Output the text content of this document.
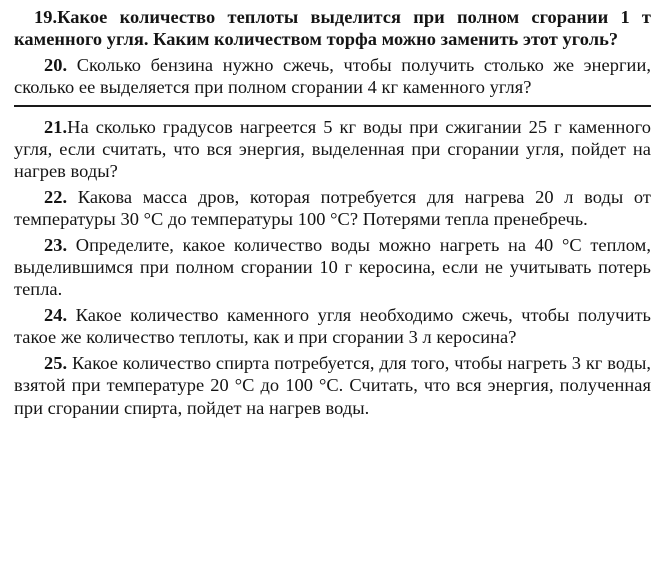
19.Какое количество теплоты выделится при полном сгорании 1 т каменного угля. Каким количеством торфа можно заменить этот уголь?

20. Сколько бензина нужно сжечь, чтобы получить столько же энергии, сколько ее выделяется при полном сгорании 4 кг каменного угля?

21.На сколько градусов нагреется 5 кг воды при сжигании 25 г каменного угля, если считать, что вся энергия, выделенная при сгорании угля, пойдет на нагрев воды?

22. Какова масса дров, которая потребуется для нагрева 20 л воды от температуры 30 °С до температуры 100 °С? Потерями тепла пренебречь.

23. Определите, какое количество воды можно нагреть на 40 °С теплом, выделившимся при полном сгорании 10 г керосина, если не учитывать потерь тепла.

24. Какое количество каменного угля необходимо сжечь, чтобы получить такое же количество теплоты, как и при сгорании 3 л керосина?

25. Какое количество спирта потребуется, для того, чтобы нагреть 3 кг воды, взятой при температуре 20 °С до 100 °С. Считать, что вся энергия, полученная при сгорании спирта, пойдет на нагрев воды.
